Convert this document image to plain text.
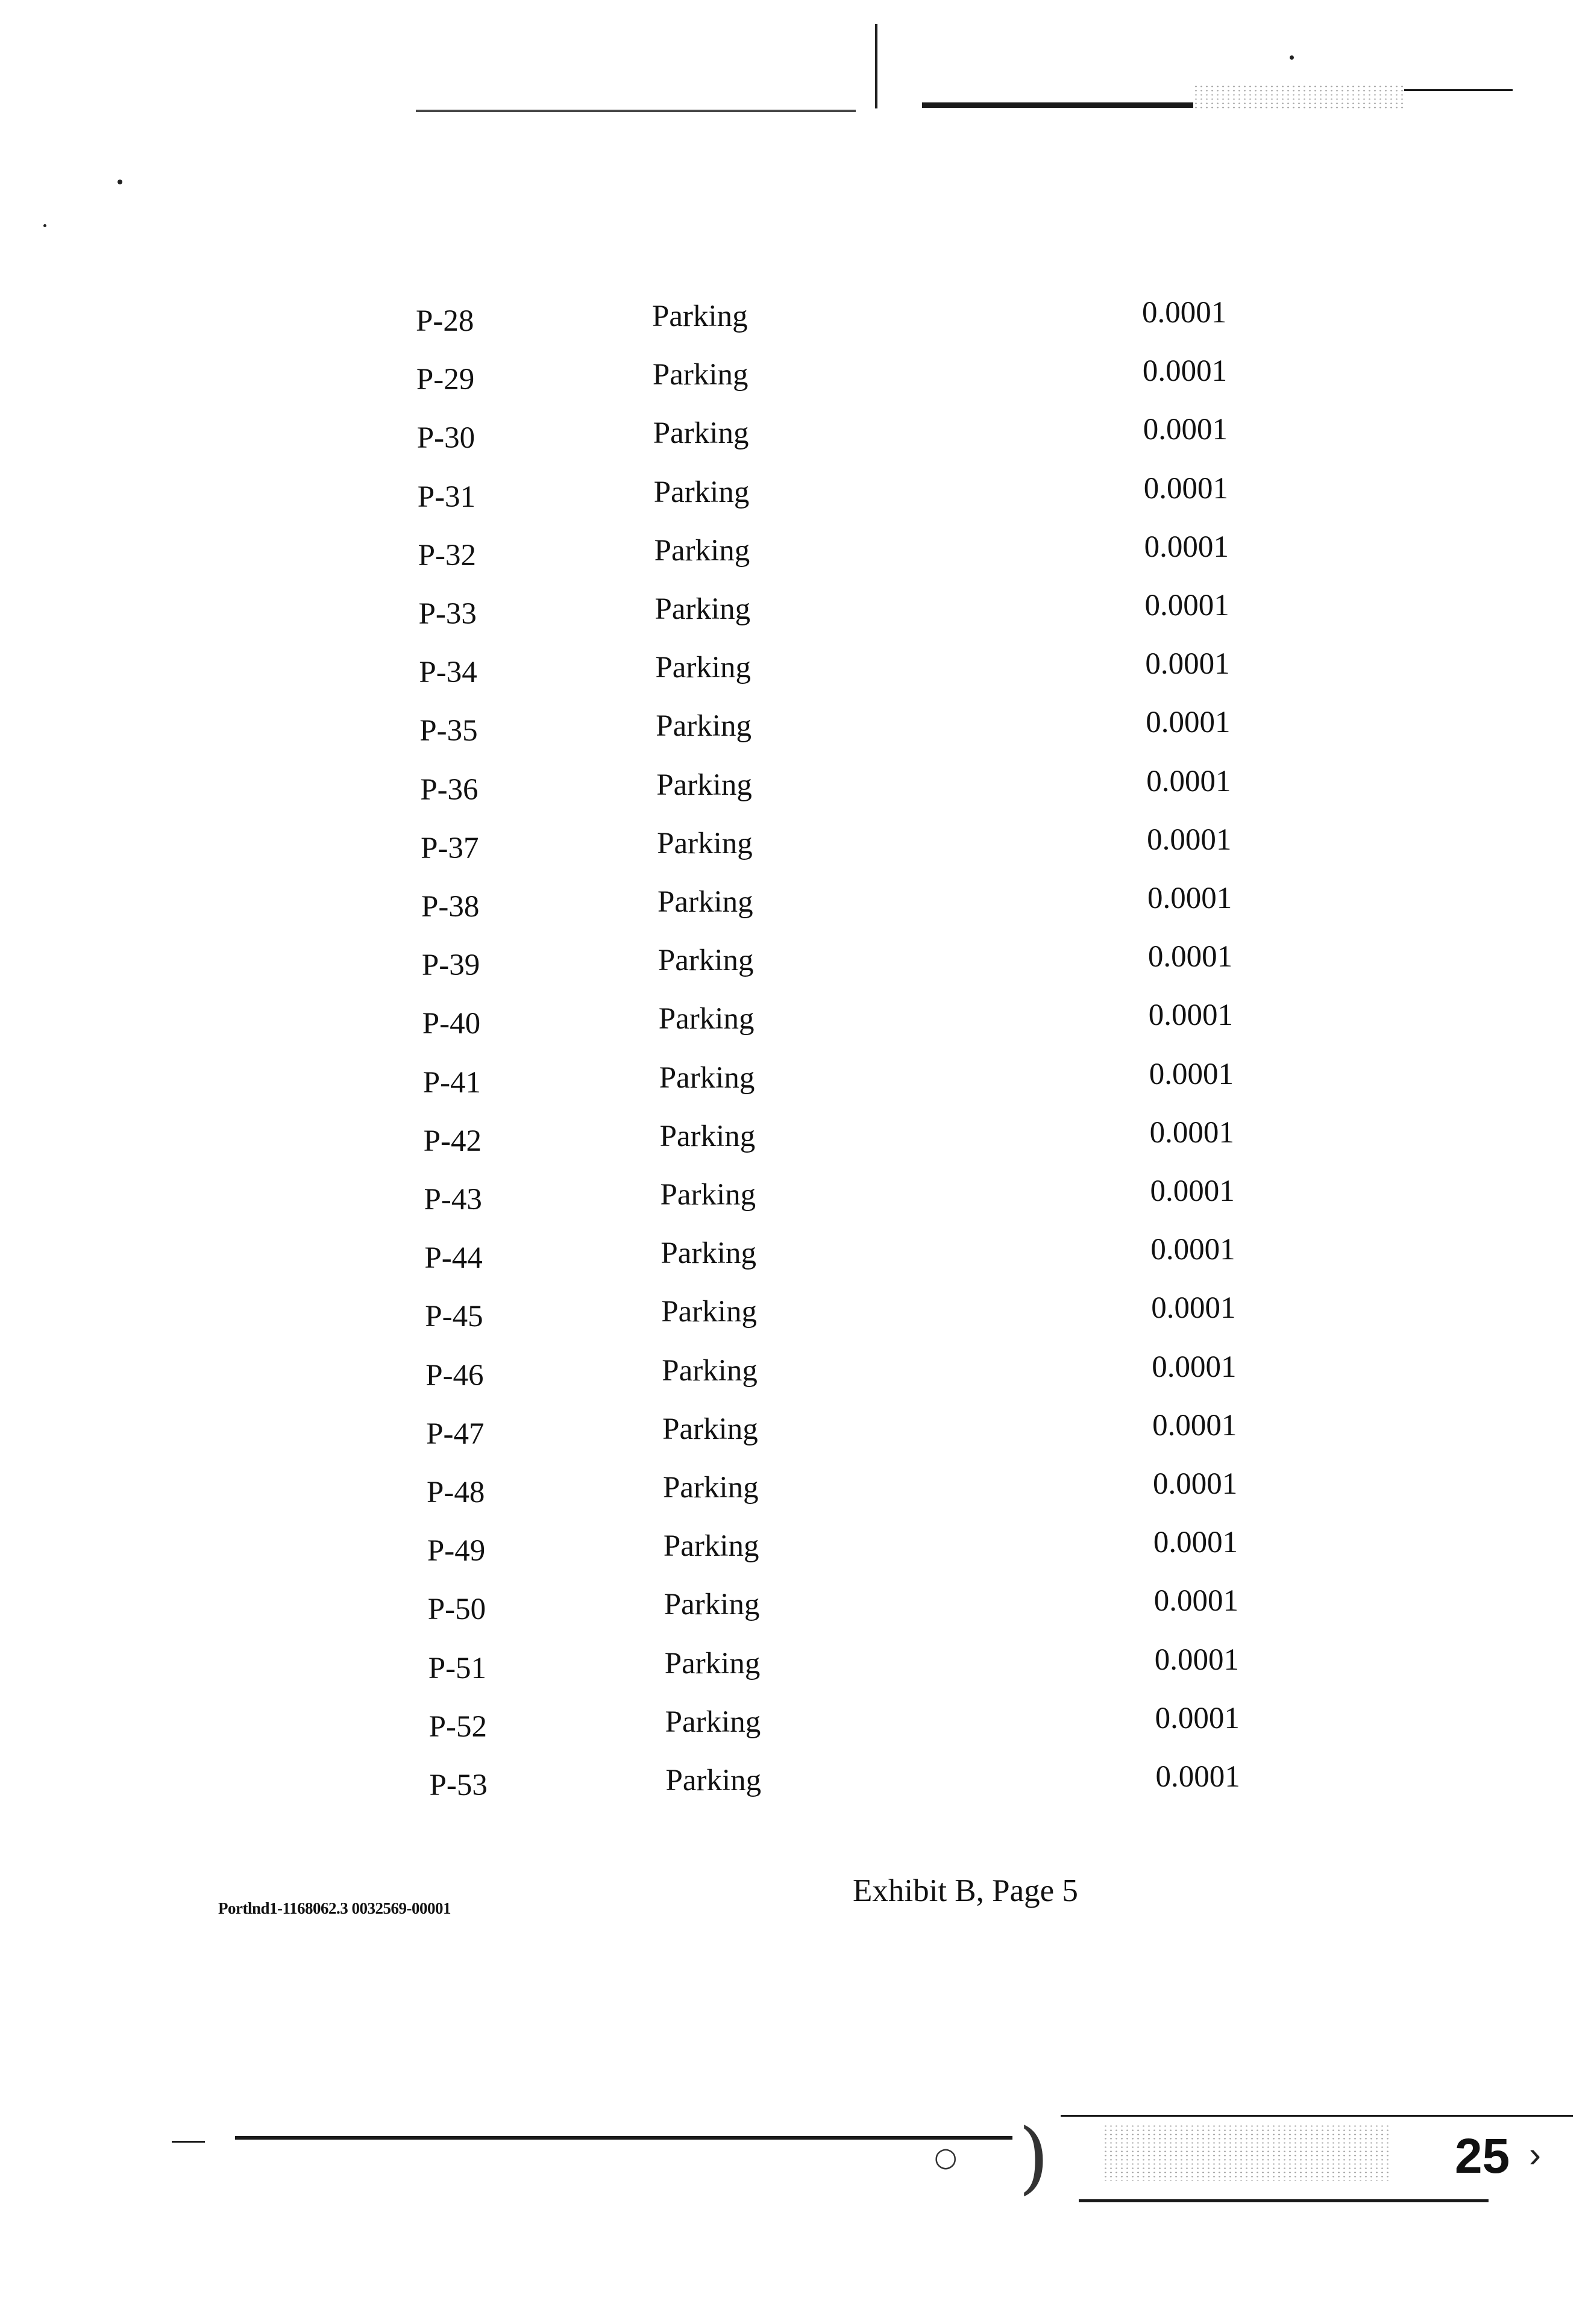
P-28	Parking	0.0001
P-29	Parking	0.0001
P-30	Parking	0.0001
P-31	Parking	0.0001
P-32	Parking	0.0001
P-33	Parking	0.0001
P-34	Parking	0.0001
P-35	Parking	0.0001
P-36	Parking	0.0001
P-37	Parking	0.0001
P-38	Parking	0.0001
P-39	Parking	0.0001
P-40	Parking	0.0001
P-41	Parking	0.0001
P-42	Parking	0.0001
P-43	Parking	0.0001
P-44	Parking	0.0001
P-45	Parking	0.0001
P-46	Parking	0.0001
P-47	Parking	0.0001
P-48	Parking	0.0001
P-49	Parking	0.0001
P-50	Parking	0.0001
P-51	Parking	0.0001
P-52	Parking	0.0001
P-53	Parking	0.0001
Portlnd1-1168062.3 0032569-00001	Exhibit B, Page 5
○ )	25 ›
